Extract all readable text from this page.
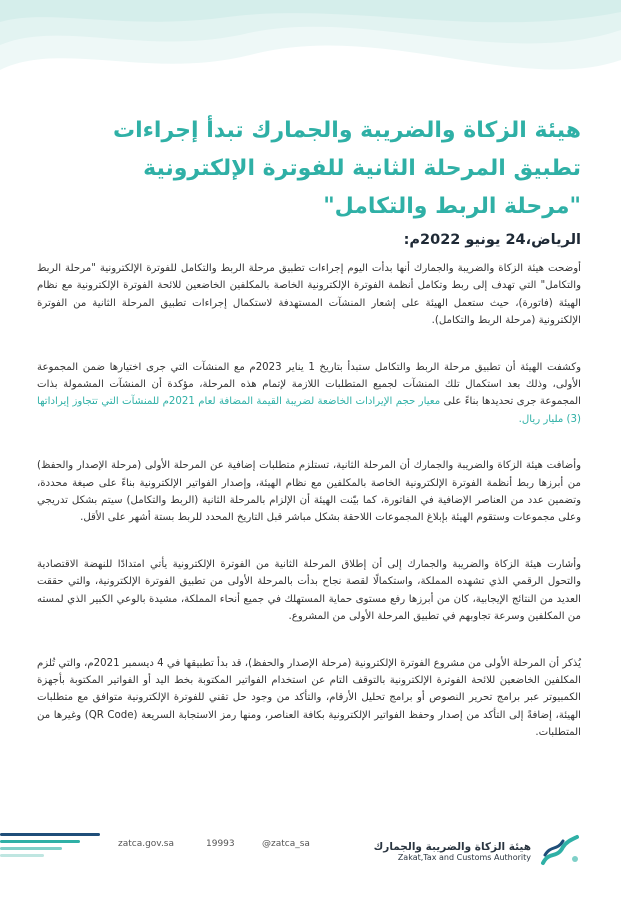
هيئة الزكاة والضريبة والجمارك تبدأ إجراءات
تطبيق المرحلة الثانية للفوترة الإلكترونية
"مرحلة الربط والتكامل"

الرياض،24 يونيو 2022م:

أوضحت هيئة الزكاة والضريبة والجمارك أنها بدأت اليوم إجراءات تطبيق مرحلة الربط والتكامل للفوترة الإلكترونية "مرحلة الربط والتكامل" التي تهدف إلى ربط وتكامل أنظمة الفوترة الإلكترونية الخاصة بالمكلفين الخاضعين للائحة الفوترة الإلكترونية مع نظام الهيئة (فاتورة)، حيث ستعمل الهيئة على إشعار المنشآت المستهدفة لاستكمال إجراءات تطبيق المرحلة الثانية من الفوترة الإلكترونية (مرحلة الربط والتكامل).

وكشفت الهيئة أن تطبيق مرحلة الربط والتكامل ستبدأ بتاريخ 1 يناير 2023م مع المنشآت التي جرى اختيارها ضمن المجموعة الأولى، وذلك بعد استكمال تلك المنشآت لجميع المتطلبات اللازمة لإتمام هذه المرحلة، مؤكدة أن المنشآت المشمولة بذات المجموعة جرى تحديدها بناءً على معيار حجم الإيرادات الخاضعة لضريبة القيمة المضافة لعام 2021م للمنشآت التي تتجاوز إيراداتها (3) مليار ريال.

وأضافت هيئة الزكاة والضريبة والجمارك أن المرحلة الثانية، تستلزم متطلبات إضافية عن المرحلة الأولى (مرحلة الإصدار والحفظ) من أبرزها ربط أنظمة الفوترة الإلكترونية الخاصة بالمكلفين مع نظام الهيئة، وإصدار الفواتير الإلكترونية بناءً على صيغة محددة، وتضمين عدد من العناصر الإضافية في الفاتورة، كما بيّنت الهيئة أن الإلزام بالمرحلة الثانية (الربط والتكامل) سيتم بشكل تدريجي وعلى مجموعات وستقوم الهيئة بإبلاغ المجموعات اللاحقة بشكل مباشر قبل التاريخ المحدد للربط بستة أشهر على الأقل.

وأشارت هيئة الزكاة والضريبة والجمارك إلى أن إطلاق المرحلة الثانية من الفوترة الإلكترونية يأتي امتدادًا للنهضة الاقتصادية والتحول الرقمي الذي تشهده المملكة، واستكمالًا لقصة نجاح بدأت بالمرحلة الأولى من تطبيق الفوترة الإلكترونية، والتي حققت العديد من النتائج الإيجابية، كان من أبرزها رفع مستوى حماية المستهلك في جميع أنحاء المملكة، مشيدة بالوعي الكبير الذي لمسته من المكلفين وسرعة تجاوبهم في تطبيق المرحلة الأولى من المشروع.

يُذكر أن المرحلة الأولى من مشروع الفوترة الإلكترونية (مرحلة الإصدار والحفظ)، قد بدأ تطبيقها في 4 ديسمبر 2021م، والتي تُلزم المكلفين الخاضعين للائحة الفوترة الإلكترونية بالتوقف التام عن استخدام الفواتير المكتوبة بخط اليد أو الفواتير المكتوبة بأجهزة الكمبيوتر عبر برامج تحرير النصوص أو برامج تحليل الأرقام، والتأكد من وجود حل تقني للفوترة الإلكترونية متوافق مع متطلبات الهيئة، إضافةً إلى التأكد من إصدار وحفظ الفواتير الإلكترونية بكافة العناصر، ومنها رمز الاستجابة السريعة (QR Code) وغيرها من المتطلبات.

zatca.gov.sa	19993	@zatca_sa	هيئة الزكاة والضريبة والجمارك
Zakat,Tax and Customs Authority
